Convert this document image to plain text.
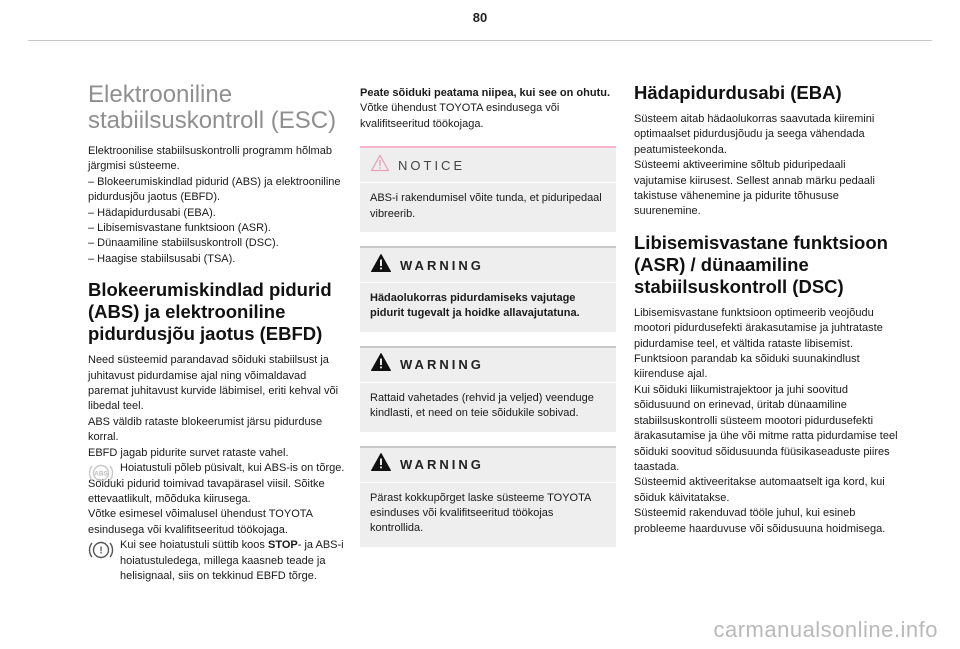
80
Elektrooniline stabiilsuskontroll (ESC)

Elektroonilise stabiilsuskontrolli programm hõlmab järgmisi süsteeme.

– Blokeerumiskindlad pidurid (ABS) ja elektrooniline pidurdusjõu jaotus (EBFD).

– Hädapidurdusabi (EBA).

– Libisemisvastane funktsioon (ASR).

– Dünaamiline stabiilsuskontroll (DSC).

– Haagise stabiilsusabi (TSA).

Blokeerumiskindlad pidurid (ABS) ja elektrooniline pidurdusjõu jaotus (EBFD)

Need süsteemid parandavad sõiduki stabiilsust ja juhitavust pidurdamise ajal ning võimaldavad paremat juhitavust kurvide läbimisel, eriti kehval või libedal teel.

ABS väldib rataste blokeerumist järsu pidurduse korral.

EBFD jagab pidurite survet rataste vahel.

ABS Hoiatustuli põleb püsivalt, kui ABS-is on tõrge.

Sõiduki pidurid toimivad tavapärasel viisil. Sõitke ettevaatlikult, mõõduka kiirusega.

Võtke esimesel võimalusel ühendust TOYOTA esindusega või kvalifitseeritud töökojaga.

! Kui see hoiatustuli süttib koos STOP- ja ABS-i hoiatustuledega, millega kaasneb teade ja helisignaal, siis on tekkinud EBFD tõrge.

Peate sõiduki peatama niipea, kui see on ohutu.

Võtke ühendust TOYOTA esindusega või kvalifitseeritud töökojaga.

NOTICE

ABS-i rakendumisel võite tunda, et piduripedaal vibreerib.

WARNING

Hädaolukorras pidurdamiseks vajutage pidurit tugevalt ja hoidke allavajutatuna.

WARNING

Rattaid vahetades (rehvid ja veljed) veenduge kindlasti, et need on teie sõidukile sobivad.

WARNING

Pärast kokkupõrget laske süsteeme TOYOTA esinduses või kvalifitseeritud töökojas kontrollida.

Hädapidurdusabi (EBA)

Süsteem aitab hädaolukorras saavutada kiiremini optimaalset pidurdusjõudu ja seega vähendada peatumisteekonda.

Süsteemi aktiveerimine sõltub piduripedaali vajutamise kiirusest. Sellest annab märku pedaali takistuse vähenemine ja pidurite tõhususe suurenemine.

Libisemisvastane funktsioon (ASR) / dünaamiline stabiilsuskontroll (DSC)

Libisemisvastane funktsioon optimeerib veojõudu mootori pidurdusefekti ärakasutamise ja juhtrataste pidurdamise teel, et vältida rataste libisemist. Funktsioon parandab ka sõiduki suunakindlust kiirenduse ajal.

Kui sõiduki liikumistrajektoor ja juhi soovitud sõidusuund on erinevad, üritab dünaamiline stabiilsuskontrolli süsteem mootori pidurdusefekti ärakasutamise ja ühe või mitme ratta pidurdamise teel sõiduki soovitud sõidusuunda füüsikaseaduste piires taastada.

Süsteemid aktiveeritakse automaatselt iga kord, kui sõiduk käivitatakse.

Süsteemid rakenduvad tööle juhul, kui esineb probleeme haarduvuse või sõidusuuna hoidmisega.

carmanualsonline.info
